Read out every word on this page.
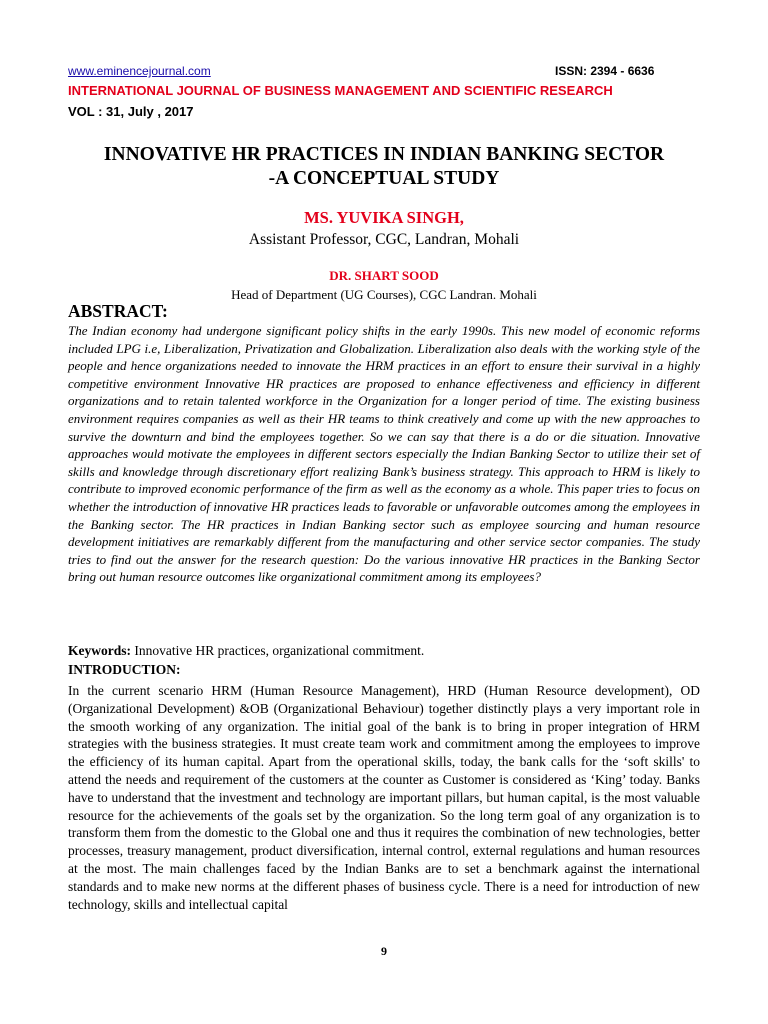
www.eminencejournal.com	ISSN: 2394 - 6636
INTERNATIONAL JOURNAL OF BUSINESS MANAGEMENT AND SCIENTIFIC RESEARCH
VOL : 31, July , 2017
INNOVATIVE HR PRACTICES IN INDIAN BANKING SECTOR
-A CONCEPTUAL STUDY
MS. YUVIKA SINGH,
Assistant Professor, CGC, Landran, Mohali
DR. SHART SOOD
Head of Department (UG Courses), CGC Landran. Mohali
ABSTRACT:

The Indian economy had undergone significant policy shifts in the early 1990s. This new model of economic reforms included LPG i.e, Liberalization, Privatization and Globalization. Liberalization also deals with the working style of the people and hence organizations needed to innovate the HRM practices in an effort to ensure their survival in a highly competitive environment Innovative HR practices are proposed to enhance effectiveness and efficiency in different organizations and to retain talented workforce in the Organization for a longer period of time. The existing business environment requires companies as well as their HR teams to think creatively and come up with the new approaches to survive the downturn and bind the employees together. So we can say that there is a do or die situation. Innovative approaches would motivate the employees in different sectors especially the Indian Banking Sector to utilize their set of skills and knowledge through discretionary effort realizing Bank’s business strategy. This approach to HRM is likely to contribute to improved economic performance of the firm as well as the economy as a whole. This paper tries to focus on whether the introduction of innovative HR practices leads to favorable or unfavorable outcomes among the employees in the Banking sector. The HR practices in Indian Banking sector such as employee sourcing and human resource development initiatives are remarkably different from the manufacturing and other service sector companies. The study tries to find out the answer for the research question: Do the various innovative HR practices in the Banking Sector bring out human resource outcomes like organizational commitment among its employees?

Keywords: Innovative HR practices, organizational commitment.
INTRODUCTION:

In the current scenario HRM (Human Resource Management), HRD (Human Resource development), OD (Organizational Development) &OB (Organizational Behaviour) together distinctly plays a very important role in the smooth working of any organization. The initial goal of the bank is to bring in proper integration of HRM strategies with the business strategies. It must create team work and commitment among the employees to improve the efficiency of its human capital. Apart from the operational skills, today, the bank calls for the ‘soft skills' to attend the needs and requirement of the customers at the counter as Customer is considered as ‘King’ today. Banks have to understand that the investment and technology are important pillars, but human capital, is the most valuable resource for the achievements of the goals set by the organization. So the long term goal of any organization is to transform them from the domestic to the Global one and thus it requires the combination of new technologies, better processes, treasury management, product diversification, internal control, external regulations and human resources at the most. The main challenges faced by the Indian Banks are to set a benchmark against the international standards and to make new norms at the different phases of business cycle. There is a need for introduction of new technology, skills and intellectual capital

9
